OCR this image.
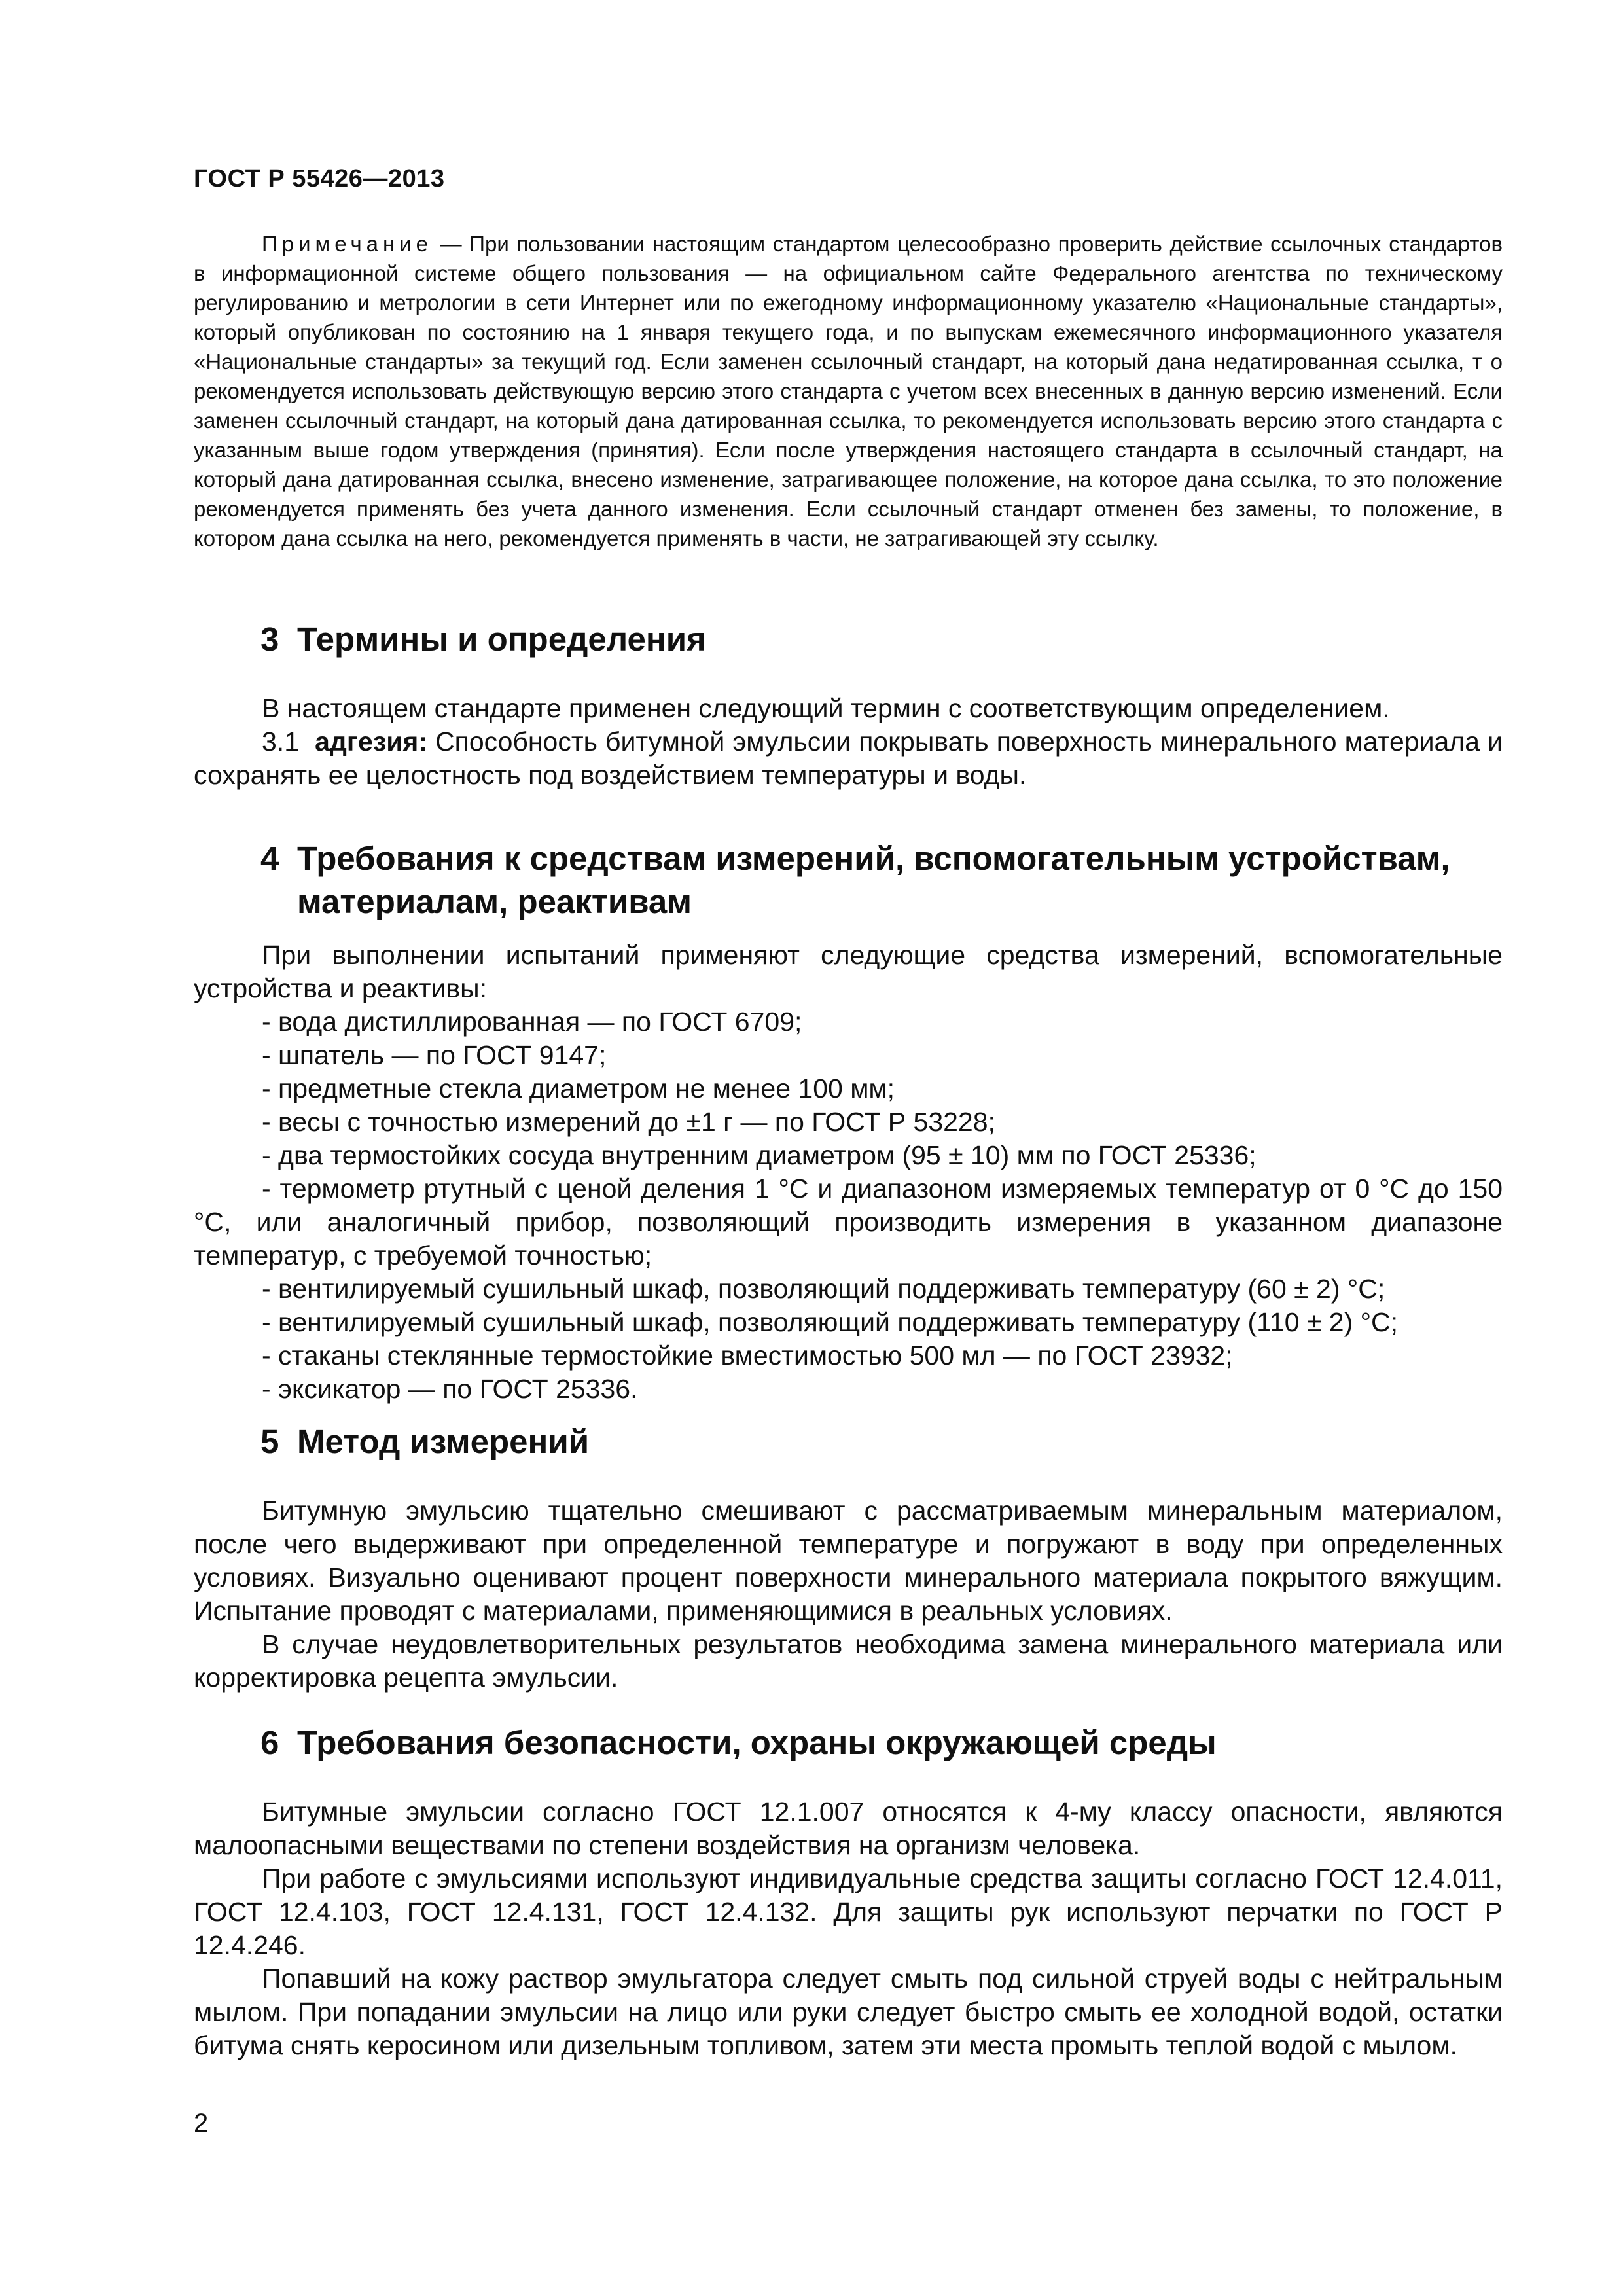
ГОСТ Р 55426—2013
Примечание — При пользовании настоящим стандартом целесообразно проверить действие ссылочных стандартов в информационной системе общего пользования — на официальном сайте Федерального агентства по техническому регулированию и метрологии в сети Интернет или по ежегодному информационному указателю «Национальные стандарты», который опубликован по состоянию на 1 января текущего года, и по выпускам ежемесячного информационного указателя «Национальные стандарты» за текущий год. Если заменен ссылочный стандарт, на который дана недатированная ссылка, т о рекомендуется использовать действующую версию этого стандарта с учетом всех внесенных в данную версию изменений. Если заменен ссылочный стандарт, на который дана датированная ссылка, то рекомендуется использовать версию этого стандарта с указанным выше годом утверждения (принятия). Если после утверждения настоящего стандарта в ссылочный стандарт, на который дана датированная ссылка, внесено изменение, затрагивающее положение, на которое дана ссылка, то это положение рекомендуется применять без учета данного изменения. Если ссылочный стандарт отменен без замены, то положение, в котором дана ссылка на него, рекомендуется применять в части, не затрагивающей эту ссылку.
3 Термины и определения

В настоящем стандарте применен следующий термин с соответствующим определением.

3.1 адгезия: Способность битумной эмульсии покрывать поверхность минерального материала и сохранять ее целостность под воздействием температуры и воды.

4 Требования к средствам измерений, вспомогательным устройствам,
материалам, реактивам

При выполнении испытаний применяют следующие средства измерений, вспомогательные устройства и реактивы:

- вода дистиллированная — по ГОСТ 6709;

- шпатель — по ГОСТ 9147;

- предметные стекла диаметром не менее 100 мм;

- весы с точностью измерений до ±1 г — по ГОСТ Р 53228;

- два термостойких сосуда внутренним диаметром (95 ± 10) мм по ГОСТ 25336;

- термометр ртутный с ценой деления 1 °С и диапазоном измеряемых температур от 0 °С до 150 °С, или аналогичный прибор, позволяющий производить измерения в указанном диапазоне температур, с требуемой точностью;

- вентилируемый сушильный шкаф, позволяющий поддерживать температуру (60 ± 2) °С;

- вентилируемый сушильный шкаф, позволяющий поддерживать температуру (110 ± 2) °С;

- стаканы стеклянные термостойкие вместимостью 500 мл — по ГОСТ 23932;

- эксикатор — по ГОСТ 25336.

5 Метод измерений

Битумную эмульсию тщательно смешивают с рассматриваемым минеральным материалом, после чего выдерживают при определенной температуре и погружают в воду при определенных условиях. Визуально оценивают процент поверхности минерального материала покрытого вяжущим. Испытание проводят с материалами, применяющимися в реальных условиях.

В случае неудовлетворительных результатов необходима замена минерального материала или корректировка рецепта эмульсии.

6 Требования безопасности, охраны окружающей среды

Битумные эмульсии согласно ГОСТ 12.1.007 относятся к 4-му классу опасности, являются малоопасными веществами по степени воздействия на организм человека.

При работе с эмульсиями используют индивидуальные средства защиты согласно ГОСТ 12.4.011, ГОСТ 12.4.103, ГОСТ 12.4.131, ГОСТ 12.4.132. Для защиты рук используют перчатки по ГОСТ Р 12.4.246.

Попавший на кожу раствор эмульгатора следует смыть под сильной струей воды с нейтральным мылом. При попадании эмульсии на лицо или руки следует быстро смыть ее холодной водой, остатки битума снять керосином или дизельным топливом, затем эти места промыть теплой водой с мылом.

2
